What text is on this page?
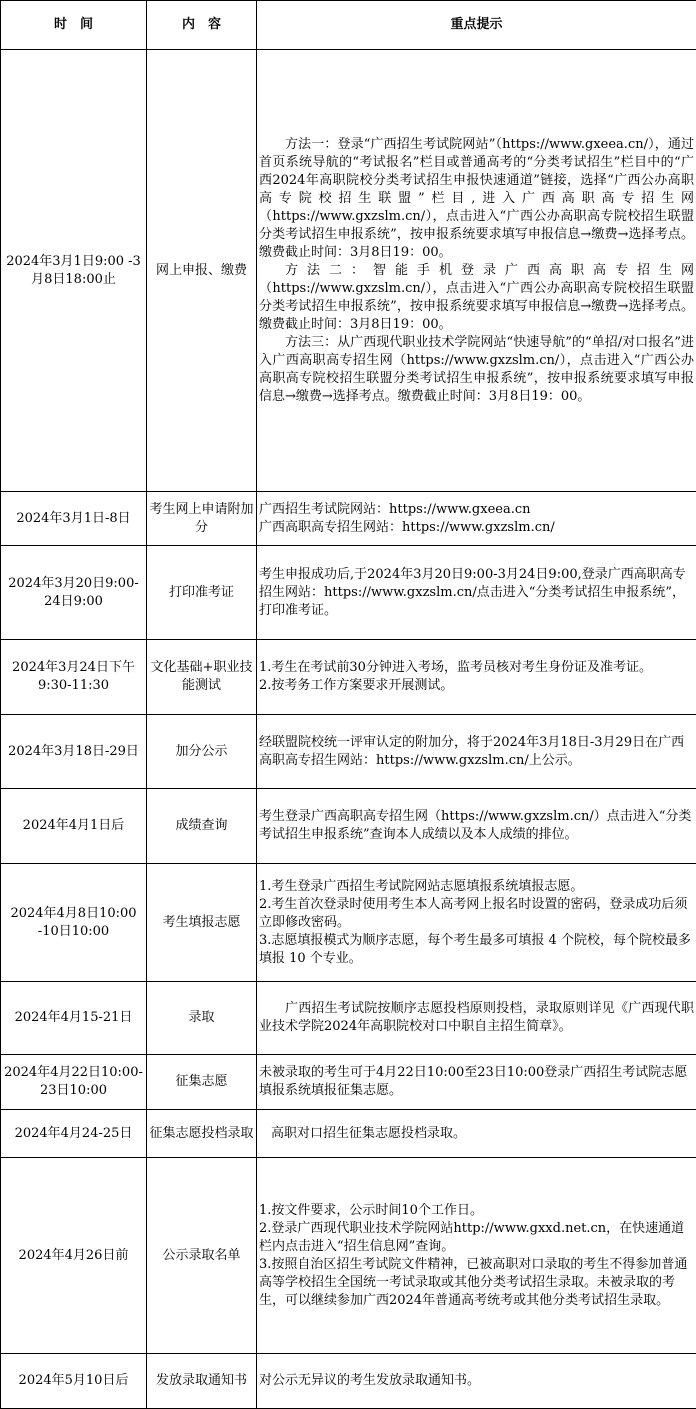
时　间	内　容	重点提示
2024年3月1日9:00 -3月8日18:00止	网上申报、缴费	方法一：登录“广西招生考试院网站”（https://www.gxeea.cn/），通过首页系统导航的“考试报名”栏目或普通高考的“分类考试招生”栏目中的“广西2024年高职院校分类考试招生申报快速通道”链接，选择“广西公办高职高专院校招生联盟”栏目,进入广西高职高专招生网（https://www.gxzslm.cn/），点击进入“广西公办高职高专院校招生联盟分类考试招生申报系统”，按申报系统要求填写申报信息→缴费→选择考点。缴费截止时间：3月8日19：00。

方法二：智能手机登录广西高职高专招生网（https://www.gxzslm.cn/），点击进入“广西公办高职高专院校招生联盟分类考试招生申报系统”，按申报系统要求填写申报信息→缴费→选择考点。缴费截止时间：3月8日19：00。

方法三：从广西现代职业技术学院网站“快速导航”的“单招/对口报名”进入广西高职高专招生网（https://www.gxzslm.cn/），点击进入“广西公办高职高专院校招生联盟分类考试招生申报系统”，按申报系统要求填写申报信息→缴费→选择考点。缴费截止时间：3月8日19：00。

2024年3月1日-8日	考生网上申请附加分	广西招生考试院网站：https://www.gxeea.cn

广西高职高专招生网站：https://www.gxzslm.cn/

2024年3月20日9:00-24日9:00	打印准考证	考生申报成功后,于2024年3月20日9:00-3月24日9:00,登录广西高职高专招生网站：https://www.gxzslm.cn/点击进入“分类考试招生申报系统”，打印准考证。

2024年3月24日下午9:30-11:30	文化基础+职业技能测试	1.考生在考试前30分钟进入考场，监考员核对考生身份证及准考证。

2.按考务工作方案要求开展测试。

2024年3月18日-29日	加分公示	经联盟院校统一评审认定的附加分，将于2024年3月18日-3月29日在广西高职高专招生网站：https://www.gxzslm.cn/上公示。

2024年4月1日后	成绩查询	考生登录广西高职高专招生网（https://www.gxzslm.cn/）点击进入“分类考试招生申报系统”查询本人成绩以及本人成绩的排位。

2024年4月8日10:00 -10日10:00	考生填报志愿	1.考生登录广西招生考试院网站志愿填报系统填报志愿。

2.考生首次登录时使用考生本人高考网上报名时设置的密码，登录成功后须立即修改密码。

3.志愿填报模式为顺序志愿，每个考生最多可填报 4 个院校，每个院校最多填报 10 个专业。

2024年4月15-21日	录取	广西招生考试院按顺序志愿投档原则投档，录取原则详见《广西现代职业技术学院2024年高职院校对口中职自主招生简章》。

2024年4月22日10:00-23日10:00	征集志愿	未被录取的考生可于4月22日10:00至23日10:00登录广西招生考试院志愿填报系统填报征集志愿。

2024年4月24-25日	征集志愿投档录取	高职对口招生征集志愿投档录取。

2024年4月26日前	公示录取名单	1.按文件要求，公示时间10个工作日。

2.登录广西现代职业技术学院网站http://www.gxxd.net.cn，在快速通道栏内点击进入“招生信息网”查询。

3.按照自治区招生考试院文件精神，已被高职对口录取的考生不得参加普通高等学校招生全国统一考试录取或其他分类考试招生录取。未被录取的考生，可以继续参加广西2024年普通高考统考或其他分类考试招生录取。

2024年5月10日后	发放录取通知书	对公示无异议的考生发放录取通知书。
